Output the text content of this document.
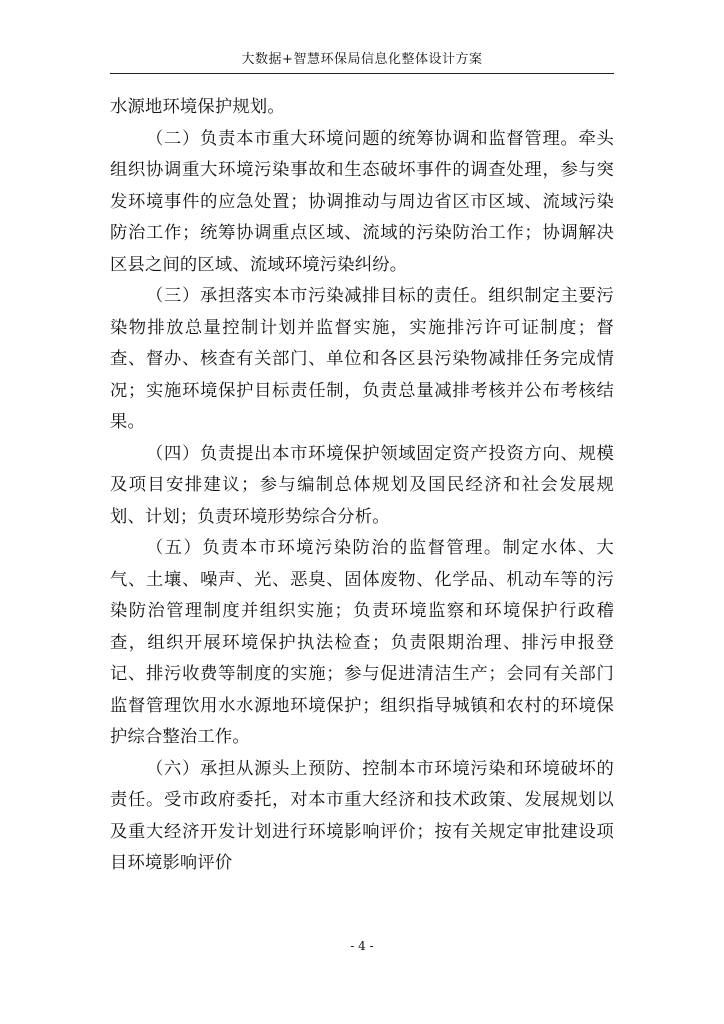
大数据+智慧环保局信息化整体设计方案

水源地环境保护规划。

（二）负责本市重大环境问题的统筹协调和监督管理。牵头组织协调重大环境污染事故和生态破坏事件的调查处理，参与突发环境事件的应急处置；协调推动与周边省区市区域、流域污染防治工作；统筹协调重点区域、流域的污染防治工作；协调解决区县之间的区域、流域环境污染纠纷。

（三）承担落实本市污染减排目标的责任。组织制定主要污染物排放总量控制计划并监督实施，实施排污许可证制度；督查、督办、核查有关部门、单位和各区县污染物减排任务完成情况；实施环境保护目标责任制，负责总量减排考核并公布考核结果。

（四）负责提出本市环境保护领域固定资产投资方向、规模及项目安排建议；参与编制总体规划及国民经济和社会发展规划、计划；负责环境形势综合分析。

（五）负责本市环境污染防治的监督管理。制定水体、大气、土壤、噪声、光、恶臭、固体废物、化学品、机动车等的污染防治管理制度并组织实施；负责环境监察和环境保护行政稽查，组织开展环境保护执法检查；负责限期治理、排污申报登记、排污收费等制度的实施；参与促进清洁生产；会同有关部门监督管理饮用水水源地环境保护；组织指导城镇和农村的环境保护综合整治工作。

（六）承担从源头上预防、控制本市环境污染和环境破坏的责任。受市政府委托，对本市重大经济和技术政策、发展规划以及重大经济开发计划进行环境影响评价；按有关规定审批建设项目环境影响评价

- 4 -
